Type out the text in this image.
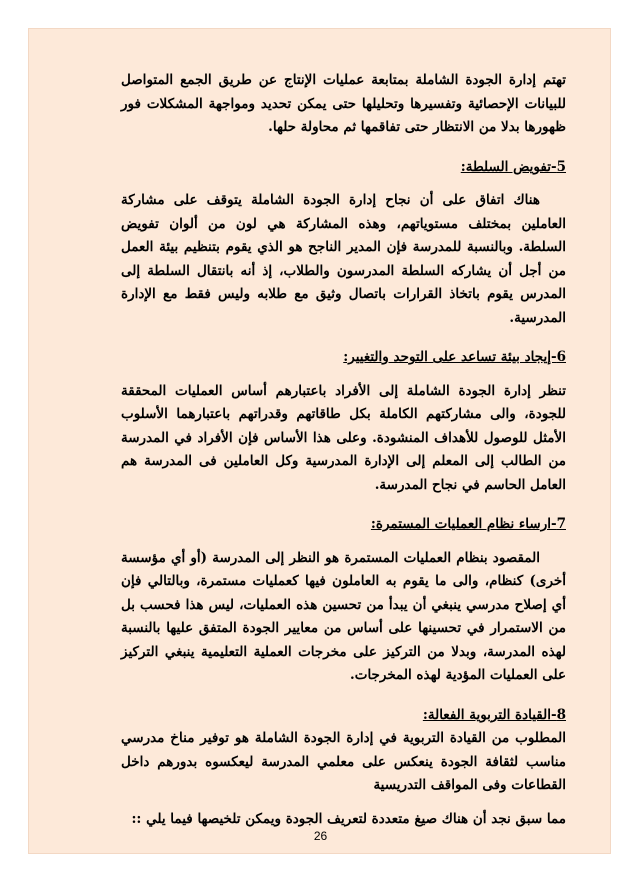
تهتم إدارة الجودة الشاملة بمتابعة عمليات الإنتاج عن طريق الجمع المتواصل للبيانات الإحصائية وتفسيرها وتحليلها حتى يمكن تحديد ومواجهة المشكلات فور ظهورها بدلا من الانتظار حتى تفاقمها ثم محاولة حلها.

5-تفويض السلطة:

هناك اتفاق على أن نجاح إدارة الجودة الشاملة يتوقف على مشاركة العاملين بمختلف مستوياتهم، وهذه المشاركة هي لون من ألوان تفويض السلطة. وبالنسبة للمدرسة فإن المدير الناجح هو الذي يقوم بتنظيم بيئة العمل من أجل أن يشاركه السلطة المدرسون والطلاب، إذ أنه بانتقال السلطة إلى المدرس يقوم باتخاذ القرارات باتصال وثيق مع طلابه وليس فقط مع الإدارة المدرسية.

6-إيجاد بيئة تساعد على التوحد والتغيير:

تنظر إدارة الجودة الشاملة إلى الأفراد باعتبارهم أساس العمليات المحققة للجودة، والى مشاركتهم الكاملة بكل طاقاتهم وقدراتهم باعتبارهما الأسلوب الأمثل للوصول للأهداف المنشودة. وعلى هذا الأساس فإن الأفراد في المدرسة من الطالب إلى المعلم إلى الإدارة المدرسية وكل العاملين فى المدرسة هم العامل الحاسم في نجاح المدرسة.

7-ارساء نظام العمليات المستمرة:

المقصود بنظام العمليات المستمرة هو النظر إلى المدرسة (أو أي مؤسسة أخرى) كنظام، والى ما يقوم به العاملون فيها كعمليات مستمرة، وبالتالي فإن أي إصلاح مدرسي ينبغي أن يبدأ من تحسين هذه العمليات، ليس هذا فحسب بل من الاستمرار في تحسينها على أساس من معايير الجودة المتفق عليها بالنسبة لهذه المدرسة، وبدلا من التركيز على مخرجات العملية التعليمية ينبغي التركيز على العمليات المؤدية لهذه المخرجات.

8-القيادة التربوية الفعالة:

المطلوب من القيادة التربوية في إدارة الجودة الشاملة هو توفير مناخ مدرسي مناسب لثقافة الجودة ينعكس على معلمي المدرسة ليعكسوه بدورهم داخل القطاعات وفى المواقف التدريسية

مما سبق نجد أن هناك صيغ متعددة لتعريف الجودة ويمكن تلخيصها فيما يلي ::

26
